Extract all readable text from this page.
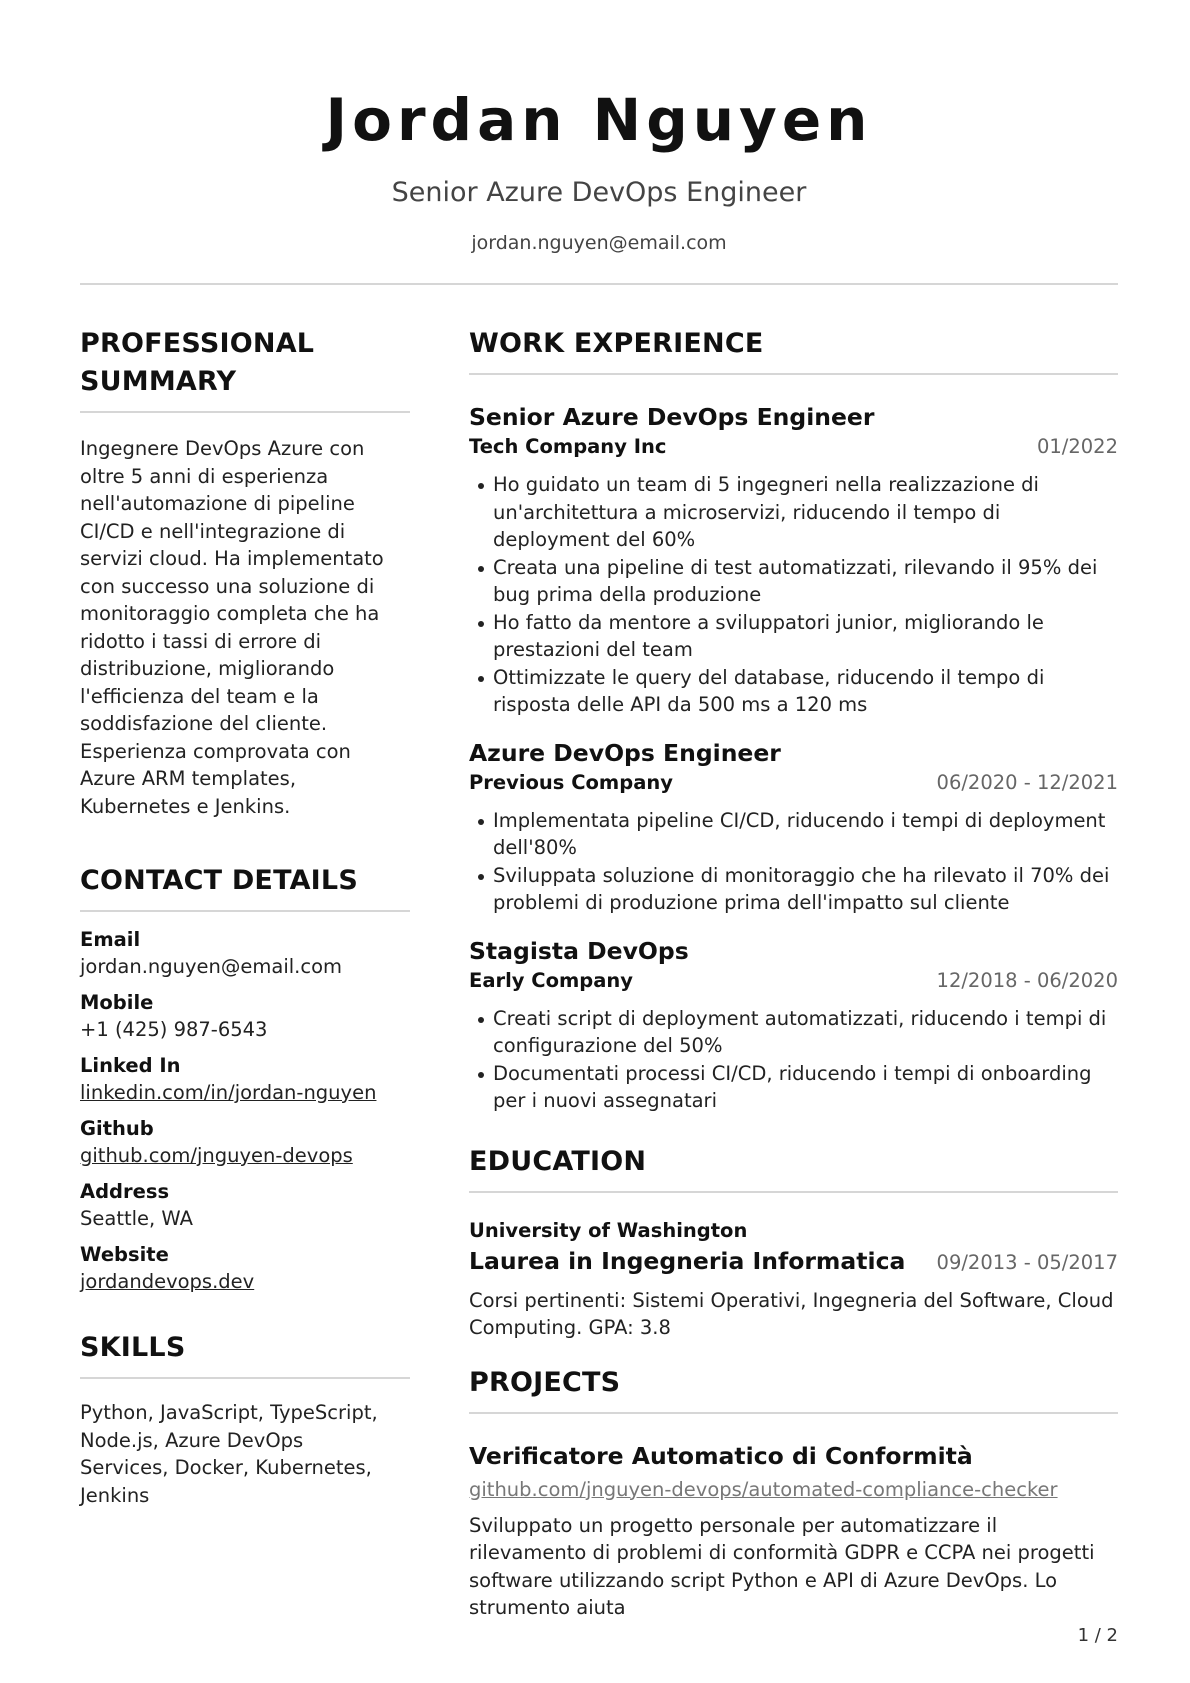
Jordan Nguyen
Senior Azure DevOps Engineer
jordan.nguyen@email.com
PROFESSIONAL SUMMARY
Ingegnere DevOps Azure con oltre 5 anni di esperienza nell'automazione di pipeline CI/CD e nell'integrazione di servizi cloud. Ha implementato con successo una soluzione di monitoraggio completa che ha ridotto i tassi di errore di distribuzione, migliorando l'efficienza del team e la soddisfazione del cliente. Esperienza comprovata con Azure ARM templates, Kubernetes e Jenkins.
CONTACT DETAILS
Email
jordan.nguyen@email.com
Mobile
+1 (425) 987-6543
Linked In
linkedin.com/in/jordan-nguyen
Github
github.com/jnguyen-devops
Address
Seattle, WA
Website
jordandevops.dev
SKILLS
Python, JavaScript, TypeScript, Node.js, Azure DevOps Services, Docker, Kubernetes, Jenkins
WORK EXPERIENCE
Senior Azure DevOps Engineer
Tech Company Inc	01/2022
Ho guidato un team di 5 ingegneri nella realizzazione di un'architettura a microservizi, riducendo il tempo di deployment del 60%
Creata una pipeline di test automatizzati, rilevando il 95% dei bug prima della produzione
Ho fatto da mentore a sviluppatori junior, migliorando le prestazioni del team
Ottimizzate le query del database, riducendo il tempo di risposta delle API da 500 ms a 120 ms
Azure DevOps Engineer
Previous Company	06/2020 - 12/2021
Implementata pipeline CI/CD, riducendo i tempi di deployment dell'80%
Sviluppata soluzione di monitoraggio che ha rilevato il 70% dei problemi di produzione prima dell'impatto sul cliente
Stagista DevOps
Early Company	12/2018 - 06/2020
Creati script di deployment automatizzati, riducendo i tempi di configurazione del 50%
Documentati processi CI/CD, riducendo i tempi di onboarding per i nuovi assegnatari
EDUCATION
University of Washington
Laurea in Ingegneria Informatica 09/2013 - 05/2017
Corsi pertinenti: Sistemi Operativi, Ingegneria del Software, Cloud Computing. GPA: 3.8
PROJECTS
Verificatore Automatico di Conformità
github.com/jnguyen-devops/automated-compliance-checker
Sviluppato un progetto personale per automatizzare il rilevamento di problemi di conformità GDPR e CCPA nei progetti software utilizzando script Python e API di Azure DevOps. Lo strumento aiuta
1 / 2
